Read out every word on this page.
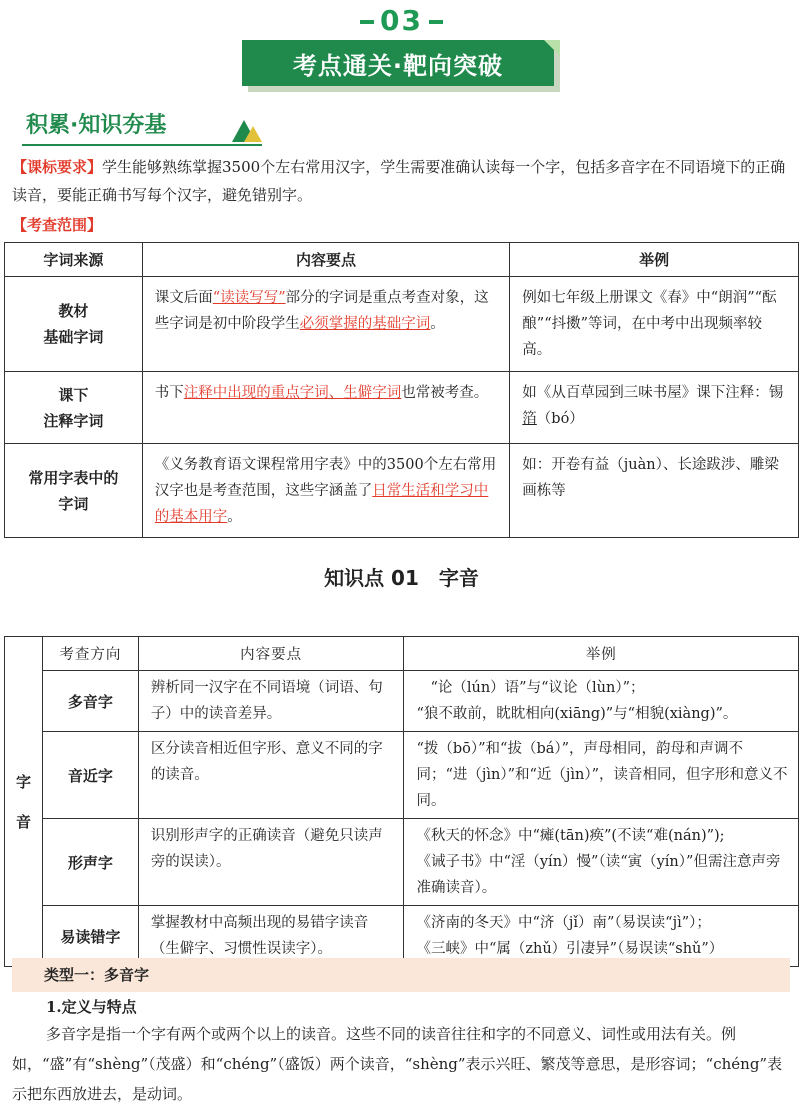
03
考点通关·靶向突破
积累·知识夯基
【课标要求】学生能够熟练掌握3500个左右常用汉字，学生需要准确认读每一个字，包括多音字在不同语境下的正确读音，要能正确书写每个汉字，避免错别字。
【考查范围】
字词来源	内容要点	举例

教材
基础字词	课文后面“读读写写”部分的字词是重点考查对象，这些字词是初中阶段学生必须掌握的基础字词。	例如七年级上册课文《春》中“朗润”“酝酿”“抖擞”等词，在中考中出现频率较高。

课下
注释字词	书下注释中出现的重点字词、生僻字词也常被考查。	如《从百草园到三味书屋》课下注释：锡箔（bó）

常用字表中的
字词	《义务教育语文课程常用字表》中的3500个左右常用汉字也是考查范围，这些字涵盖了日常生活和学习中的基本用字。	如：开卷有益（juàn）、长途跋涉、雕梁画栋等
知识点 01　字音
字
音	考查方向	内容要点	举例
	多音字	辨析同一汉字在不同语境（词语、句子）中的读音差异。	“论（lún）语”与“议论（lùn）”；
“狼不敢前，眈眈相向(xiāng)”与“相貌(xiàng)”。

	音近字	区分读音相近但字形、意义不同的字的读音。	“拨（bō）”和“拔（bá）”，声母相同，韵母和声调不同；“进（jìn）”和“近（jìn）”，读音相同，但字形和意义不同。
	形声字	识别形声字的正确读音（避免只读声旁的误读）。	《秋天的怀念》中“瘫(tān)痪”(不读“难(nán)”);
《诫子书》中“淫（yín）慢”（读“寅（yín）”但需注意声旁准确读音）。

	易读错字	掌握教材中高频出现的易错字读音（生僻字、习惯性误读字）。	《济南的冬天》中“济（jǐ）南”（易误读“jì”）；
《三峡》中“属（zhǔ）引凄异”（易误读“shǔ”）
类型一：多音字
1.定义与特点
多音字是指一个字有两个或两个以上的读音。这些不同的读音往往和字的不同意义、词性或用法有关。例如，“盛”有“shèng”（茂盛）和“chéng”（盛饭）两个读音，“shèng”表示兴旺、繁茂等意思，是形容词；“chéng”表示把东西放进去，是动词。
